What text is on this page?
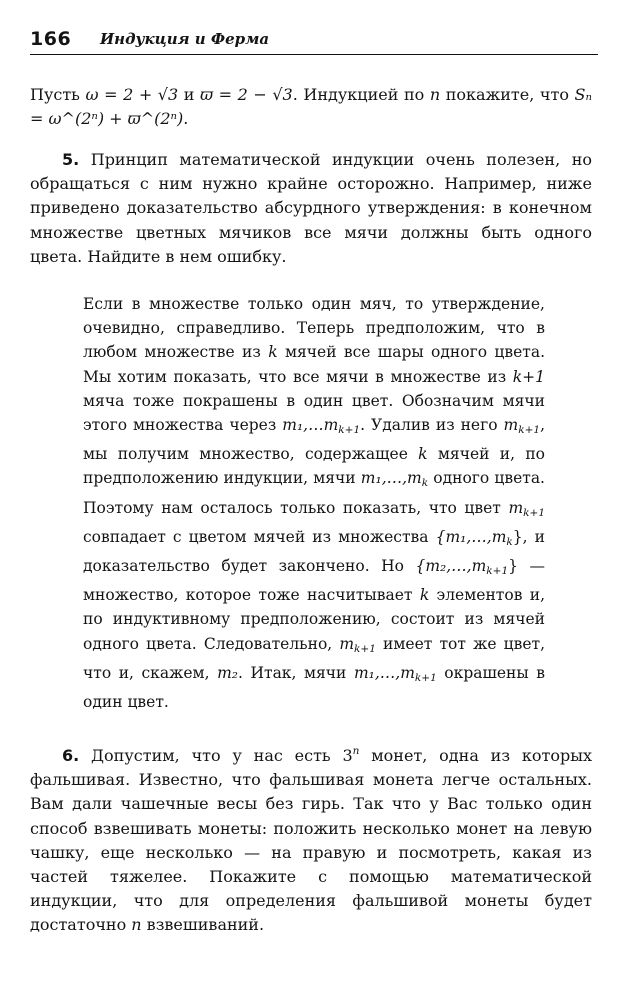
166 Индукция и Ферма

Пусть ω = 2 + √3 и ϖ = 2 − √3. Индукцией по n покажите, что Sₙ = ω^(2ⁿ) + ϖ^(2ⁿ).

5. Принцип математической индукции очень полезен, но обращаться с ним нужно крайне осторожно. Например, ниже приведено доказательство абсурдного утверждения: в конечном множестве цветных мячиков все мячи должны быть одного цвета. Найдите в нем ошибку.

Если в множестве только один мяч, то утверждение, очевидно, справедливо. Теперь предположим, что в любом множестве из k мячей все шары одного цвета. Мы хотим показать, что все мячи в множестве из k+1 мяча тоже покрашены в один цвет. Обозначим мячи этого множества через $m_1,\dots m_{k+1}$. Удалив из него $m_{k+1}$, мы получим множество, содержащее k мячей и, по предположению индукции, мячи $m_1,\dots,m_k$ одного цвета. Поэтому нам осталось только показать, что цвет $m_{k+1}$ совпадает с цветом мячей из множества $\{m_1,\dots,m_k\}$, и доказательство будет закончено. Но $\{m_2,\dots,m_{k+1}\}$ — множество, которое тоже насчитывает k элементов и, по индуктивному предположению, состоит из мячей одного цвета. Следовательно, $m_{k+1}$ имеет тот же цвет, что и, скажем, m₂. Итак, мячи $m_1,\dots,m_{k+1}$ окрашены в один цвет.

6. Допустим, что у нас есть 3$^n$ монет, одна из которых фальшивая. Известно, что фальшивая монета легче остальных. Вам дали чашечные весы без гирь. Так что у Вас только один способ взвешивать монеты: положить несколько монет на левую чашку, еще несколько — на правую и посмотреть, какая из частей тяжелее. Покажите с помощью математической индукции, что для определения фальшивой монеты будет достаточно n взвешиваний.
